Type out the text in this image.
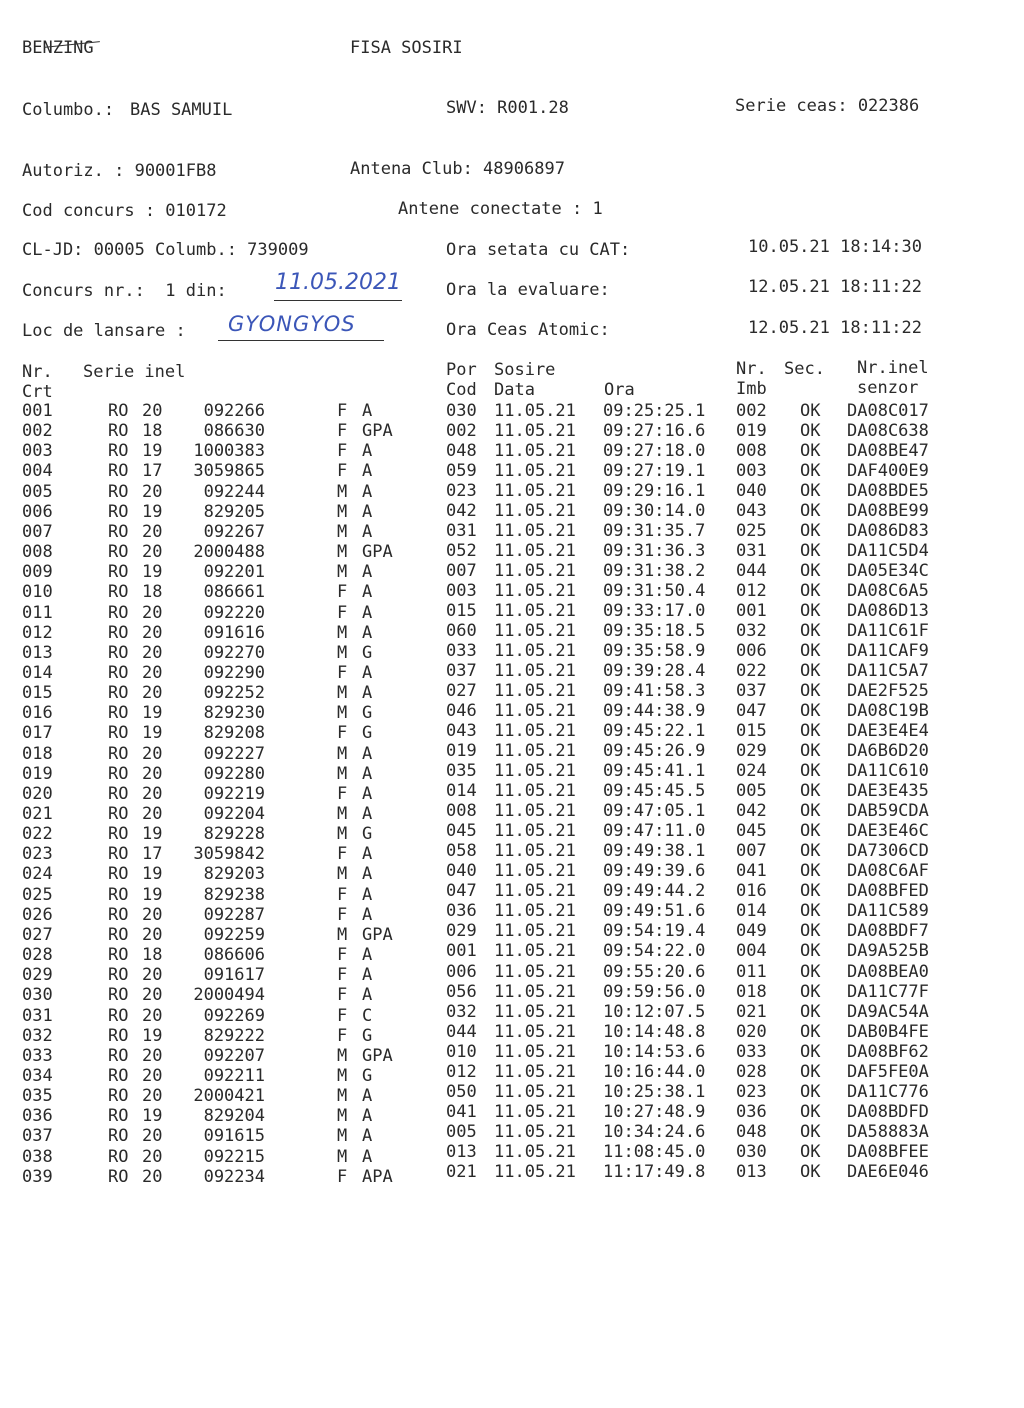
BENZING	FISA SOSIRI
Columbo.: BAS SAMUIL	SWV: R001.28	Serie ceas: 022386
Autoriz. : 90001FB8	Antena Club: 48906897
Cod concurs : 010172	Antene conectate : 1
CL-JD: 00005 Columb.: 739009	Ora setata cu CAT:	10.05.21 18:14:30
Concurs nr.:  1 din: 11.05.2021	Ora la evaluare:	12.05.21 18:11:22
Loc de lansare : GYONGYOS	Ora Ceas Atomic:	12.05.21 18:11:22
Nr.
Crt
Serie inel	Por
Cod
Sosire
Data	Ora
Nr.
Imb
Sec. Nr.inel
senzor
001	RO 20 092266	F A	030 11.05.21 09:25:25.1 002 OK DA08C017
002	RO 18 086630	F GPA	002 11.05.21 09:27:16.6 019 OK DA08C638
003	RO 19 1000383	F A	048 11.05.21 09:27:18.0 008 OK DA08BE47
004	RO 17 3059865	F A	059 11.05.21 09:27:19.1 003 OK DAF400E9
005	RO 20 092244	M A	023 11.05.21 09:29:16.1 040 OK DA08BDE5
006	RO 19 829205	M A	042 11.05.21 09:30:14.0 043 OK DA08BE99
007	RO 20 092267	M A	031 11.05.21 09:31:35.7 025 OK DA086D83
008	RO 20 2000488	M GPA	052 11.05.21 09:31:36.3 031 OK DA11C5D4
009	RO 19 092201	M A	007 11.05.21 09:31:38.2 044 OK DA05E34C
010	RO 18 086661	F A	003 11.05.21 09:31:50.4 012 OK DA08C6A5
011	RO 20 092220	F A	015 11.05.21 09:33:17.0 001 OK DA086D13
012	RO 20 091616	M A	060 11.05.21 09:35:18.5 032 OK DA11C61F
013	RO 20 092270	M G	033 11.05.21 09:35:58.9 006 OK DA11CAF9
014	RO 20 092290	F A	037 11.05.21 09:39:28.4 022 OK DA11C5A7
015	RO 20 092252	M A	027 11.05.21 09:41:58.3 037 OK DAE2F525
016	RO 19 829230	M G	046 11.05.21 09:44:38.9 047 OK DA08C19B
017	RO 19 829208	F G	043 11.05.21 09:45:22.1 015 OK DAE3E4E4
018	RO 20 092227	M A	019 11.05.21 09:45:26.9 029 OK DA6B6D20
019	RO 20 092280	M A	035 11.05.21 09:45:41.1 024 OK DA11C610
020	RO 20 092219	F A	014 11.05.21 09:45:45.5 005 OK DAE3E435
021	RO 20 092204	M A	008 11.05.21 09:47:05.1 042 OK DAB59CDA
022	RO 19 829228	M G	045 11.05.21 09:47:11.0 045 OK DAE3E46C
023	RO 17 3059842	F A	058 11.05.21 09:49:38.1 007 OK DA7306CD
024	RO 19 829203	M A	040 11.05.21 09:49:39.6 041 OK DA08C6AF
025	RO 19 829238	F A	047 11.05.21 09:49:44.2 016 OK DA08BFED
026	RO 20 092287	F A	036 11.05.21 09:49:51.6 014 OK DA11C589
027	RO 20 092259	M GPA	029 11.05.21 09:54:19.4 049 OK DA08BDF7
028	RO 18 086606	F A	001 11.05.21 09:54:22.0 004 OK DA9A525B
029	RO 20 091617	F A	006 11.05.21 09:55:20.6 011 OK DA08BEA0
030	RO 20 2000494	F A	056 11.05.21 09:59:56.0 018 OK DA11C77F
031	RO 20 092269	F C	032 11.05.21 10:12:07.5 021 OK DA9AC54A
032	RO 19 829222	F G	044 11.05.21 10:14:48.8 020 OK DAB0B4FE
033	RO 20 092207	M GPA	010 11.05.21 10:14:53.6 033 OK DA08BF62
034	RO 20 092211	M G	012 11.05.21 10:16:44.0 028 OK DAF5FE0A
035	RO 20 2000421	M A	050 11.05.21 10:25:38.1 023 OK DA11C776
036	RO 19 829204	M A	041 11.05.21 10:27:48.9 036 OK DA08BDFD
037	RO 20 091615	M A	005 11.05.21 10:34:24.6 048 OK DA58883A
038	RO 20 092215	M A	013 11.05.21 11:08:45.0 030 OK DA08BFEE
039	RO 20 092234	F APA	021 11.05.21 11:17:49.8 013 OK DAE6E046
